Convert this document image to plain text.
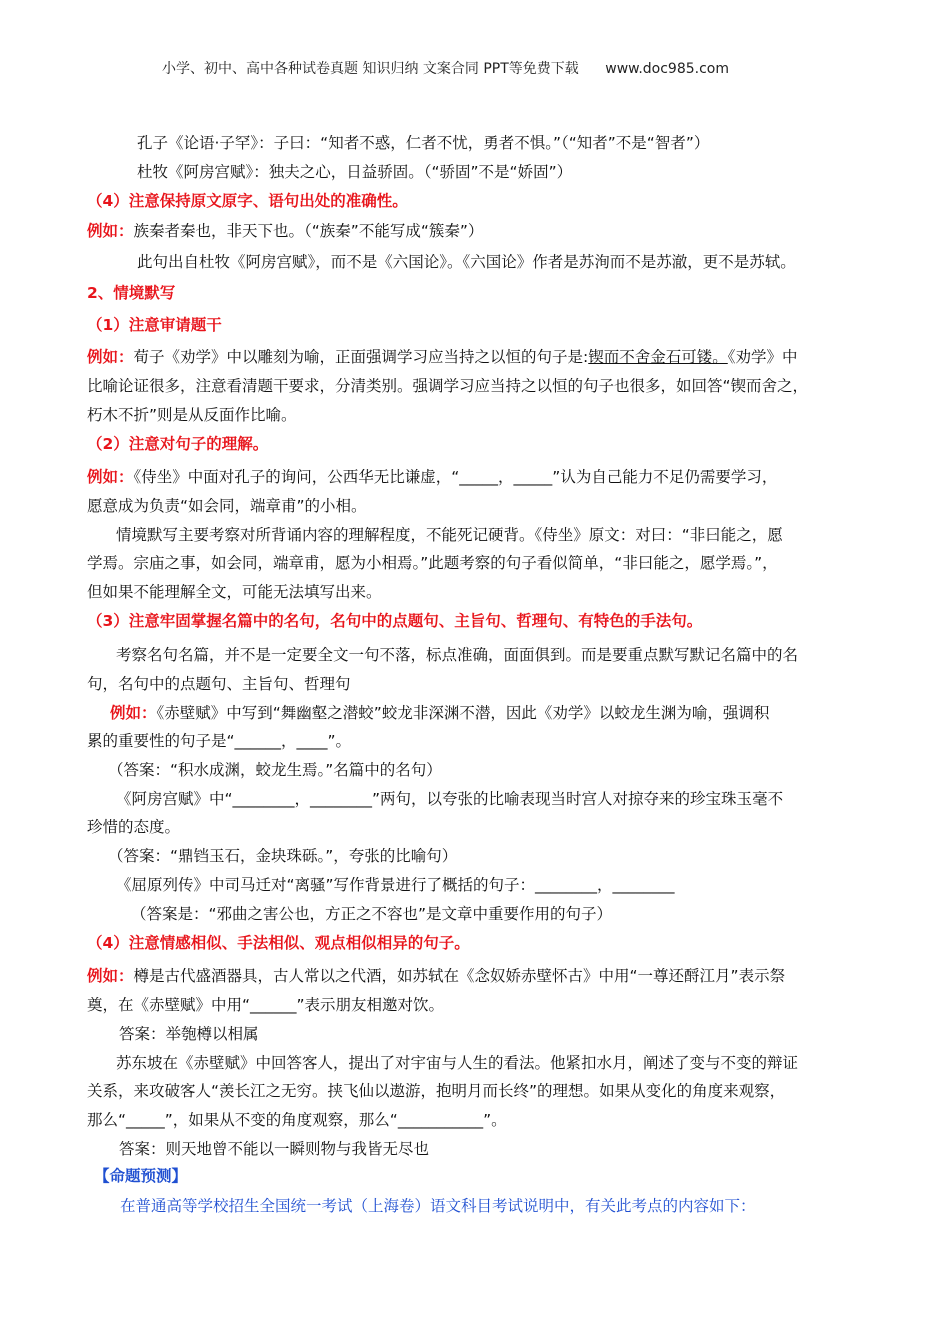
小学、初中、高中各种试卷真题 知识归纳 文案合同 PPT等免费下载 www.doc985.com
孔子《论语·子罕》：子曰：“知者不惑，仁者不忧，勇者不惧。”（“知者”不是“智者”）
杜牧《阿房宫赋》：独夫之心，日益骄固。（“骄固”不是“娇固”）
（4）注意保持原文原字、语句出处的准确性。
例如：族秦者秦也，非天下也。（“族秦”不能写成“簇秦”）
此句出自杜牧《阿房宫赋》，而不是《六国论》。《六国论》作者是苏洵而不是苏澈，更不是苏轼。
2、情境默写
（1）注意审请题干
例如：荀子《劝学》中以雕刻为喻，正面强调学习应当持之以恒的句子是:锲而不舍金石可镂。《劝学》中
比喻论证很多，注意看清题干要求，分清类别。强调学习应当持之以恒的句子也很多，如回答“锲而舍之，
朽木不折”则是从反面作比喻。
（2）注意对句子的理解。
例如：《侍坐》中面对孔子的询问，公西华无比谦虚，“_____，_____”认为自己能力不足仍需要学习，
愿意成为负责“如会同，端章甫”的小相。
情境默写主要考察对所背诵内容的理解程度，不能死记硬背。《侍坐》原文：对曰：“非曰能之，愿
学焉。宗庙之事，如会同，端章甫，愿为小相焉。”此题考察的句子看似简单，“非曰能之，愿学焉。”，
但如果不能理解全文，可能无法填写出来。
（3）注意牢固掌握名篇中的名句，名句中的点题句、主旨句、哲理句、有特色的手法句。
考察名句名篇，并不是一定要全文一句不落，标点准确，面面俱到。而是要重点默写默记名篇中的名
句，名句中的点题句、主旨句、哲理句
例如：《赤壁赋》中写到“舞幽壑之潜蛟”蛟龙非深渊不潜，因此《劝学》以蛟龙生渊为喻，强调积
累的重要性的句子是“______，____”。
（答案：“积水成渊，蛟龙生焉。”名篇中的名句）
《阿房宫赋》中“________，________”两句，以夸张的比喻表现当时宫人对掠夺来的珍宝珠玉毫不
珍惜的态度。
（答案：“鼎铛玉石，金块珠砾。”，夸张的比喻句）
《屈原列传》中司马迁对“离骚”写作背景进行了概括的句子：________，________
（答案是：“邪曲之害公也，方正之不容也”是文章中重要作用的句子）
（4）注意情感相似、手法相似、观点相似相异的句子。
例如：樽是古代盛酒器具，古人常以之代酒，如苏轼在《念奴娇赤壁怀古》中用“一尊还酹江月”表示祭
奠，在《赤壁赋》中用“______”表示朋友相邀对饮。
答案：举匏樽以相属
苏东坡在《赤壁赋》中回答客人，提出了对宇宙与人生的看法。他紧扣水月，阐述了变与不变的辩证
关系，来攻破客人“羡长江之无穷。挟飞仙以遨游，抱明月而长终”的理想。如果从变化的角度来观察，
那么“_____”，如果从不变的角度观察，那么“___________”。
答案：则天地曾不能以一瞬则物与我皆无尽也
【命题预测】
在普通高等学校招生全国统一考试（上海卷）语文科目考试说明中，有关此考点的内容如下：
